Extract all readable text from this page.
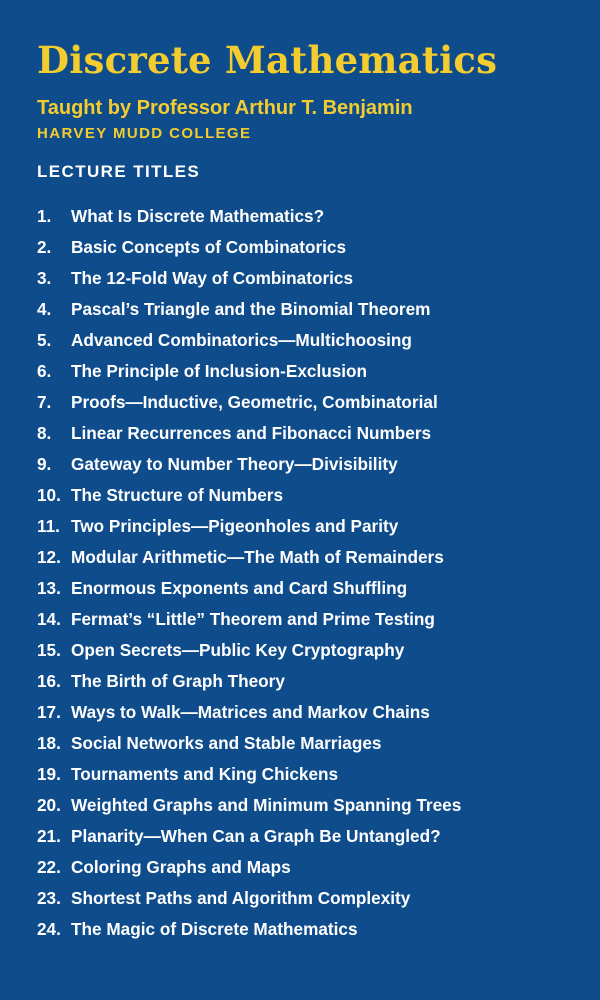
Discrete Mathematics
Taught by Professor Arthur T. Benjamin
HARVEY MUDD COLLEGE
LECTURE TITLES
1.	What Is Discrete Mathematics?
2.	Basic Concepts of Combinatorics
3.	The 12-Fold Way of Combinatorics
4.	Pascal’s Triangle and the Binomial Theorem
5.	Advanced Combinatorics—Multichoosing
6.	The Principle of Inclusion-Exclusion
7.	Proofs—Inductive, Geometric, Combinatorial
8.	Linear Recurrences and Fibonacci Numbers
9.	Gateway to Number Theory—Divisibility
10. The Structure of Numbers
11. Two Principles—Pigeonholes and Parity
12. Modular Arithmetic—The Math of Remainders
13. Enormous Exponents and Card Shuffling
14. Fermat’s “Little” Theorem and Prime Testing
15. Open Secrets—Public Key Cryptography
16. The Birth of Graph Theory
17. Ways to Walk—Matrices and Markov Chains
18. Social Networks and Stable Marriages
19. Tournaments and King Chickens
20. Weighted Graphs and Minimum Spanning Trees
21. Planarity—When Can a Graph Be Untangled?
22. Coloring Graphs and Maps
23. Shortest Paths and Algorithm Complexity
24. The Magic of Discrete Mathematics
